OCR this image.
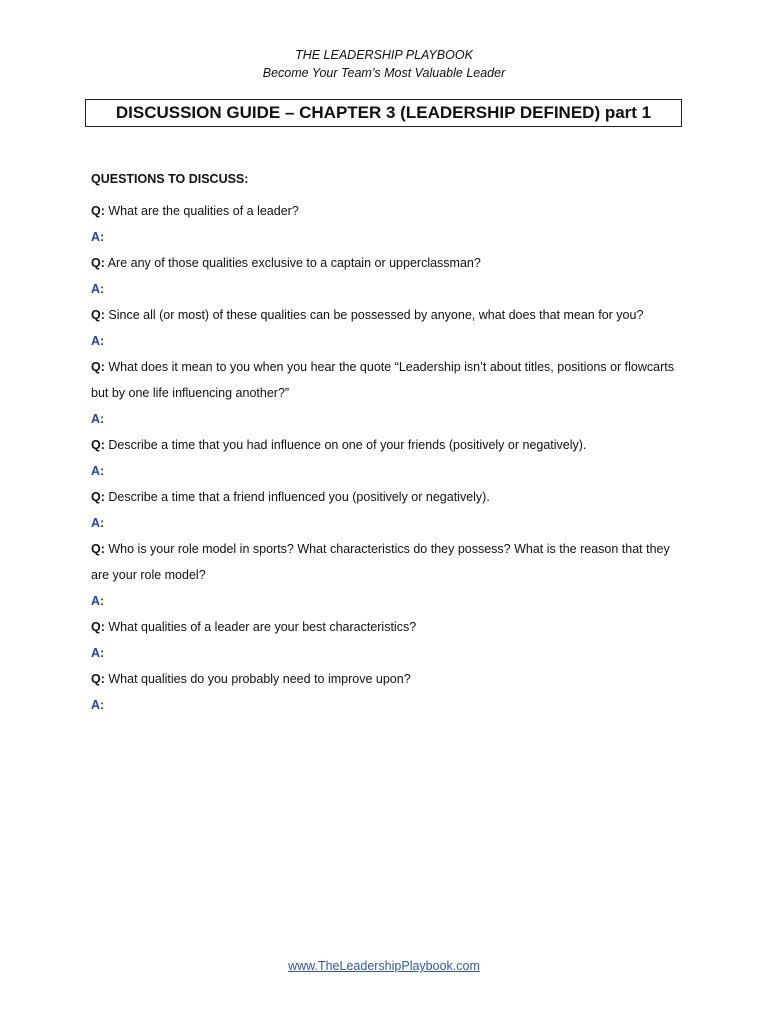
THE LEADERSHIP PLAYBOOK
Become Your Team’s Most Valuable Leader
DISCUSSION GUIDE – CHAPTER 3 (LEADERSHIP DEFINED) part 1
QUESTIONS TO DISCUSS:

Q: What are the qualities of a leader?

A:

Q: Are any of those qualities exclusive to a captain or upperclassman?

A:

Q: Since all (or most) of these qualities can be possessed by anyone, what does that mean for you?

A:

Q: What does it mean to you when you hear the quote “Leadership isn’t about titles, positions or flowcarts but by one life influencing another?”

A:

Q: Describe a time that you had influence on one of your friends (positively or negatively).

A:

Q: Describe a time that a friend influenced you (positively or negatively).

A:

Q: Who is your role model in sports? What characteristics do they possess? What is the reason that they are your role model?

A:

Q: What qualities of a leader are your best characteristics?

A:

Q: What qualities do you probably need to improve upon?

A:

www.TheLeadershipPlaybook.com
